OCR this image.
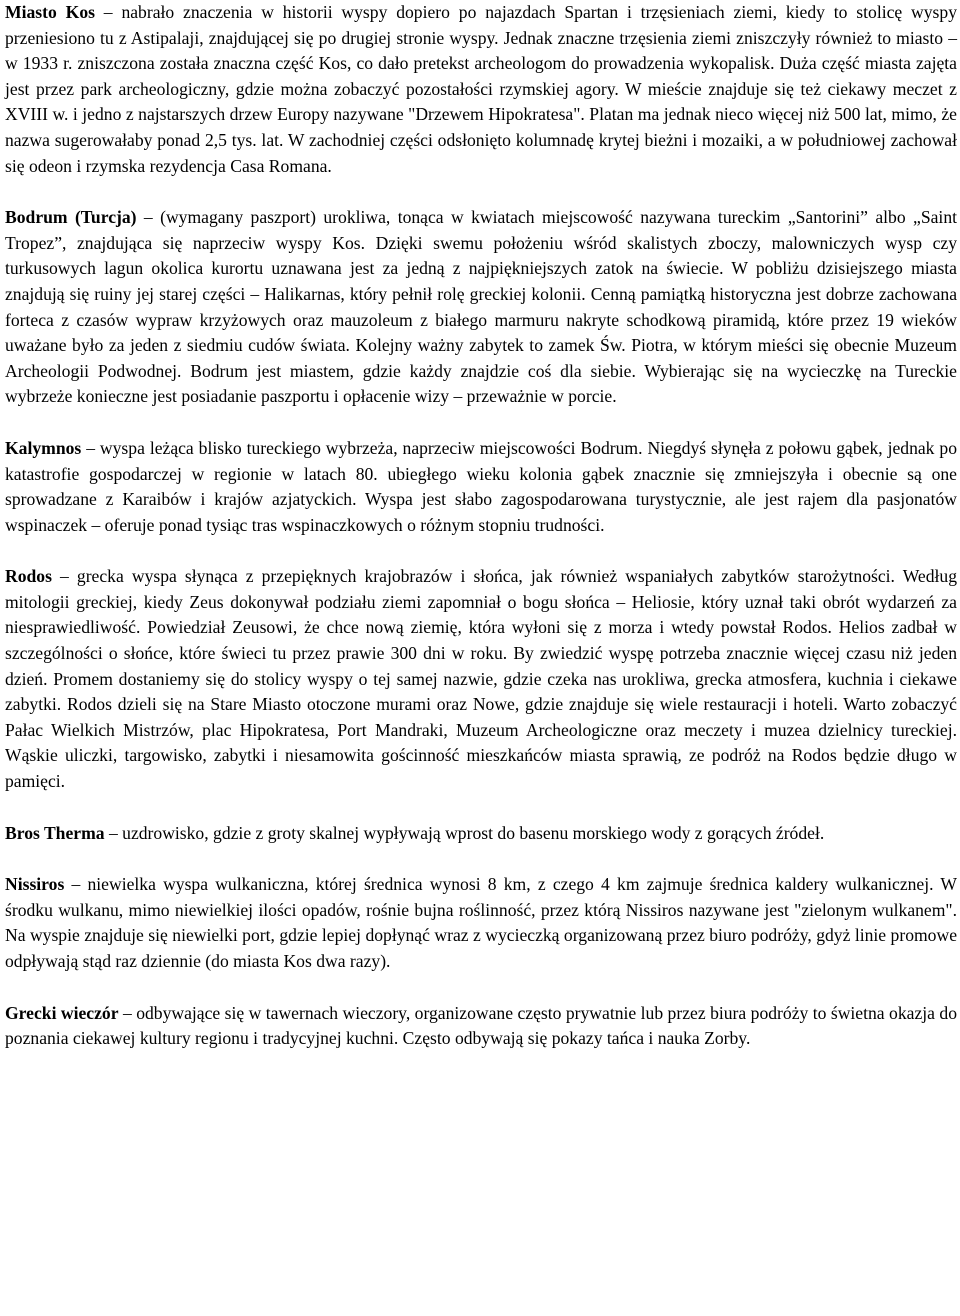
Miasto Kos – nabrało znaczenia w historii wyspy dopiero po najazdach Spartan i trzęsieniach ziemi, kiedy to stolicę wyspy przeniesiono tu z Astipalaji, znajdującej się po drugiej stronie wyspy. Jednak znaczne trzęsienia ziemi zniszczyły również to miasto – w 1933 r. zniszczona została znaczna część Kos, co dało pretekst archeologom do prowadzenia wykopalisk. Duża część miasta zajęta jest przez park archeologiczny, gdzie można zobaczyć pozostałości rzymskiej agory. W mieście znajduje się też ciekawy meczet z XVIII w. i jedno z najstarszych drzew Europy nazywane "Drzewem Hipokratesa". Platan ma jednak nieco więcej niż 500 lat, mimo, że nazwa sugerowałaby ponad 2,5 tys. lat. W zachodniej części odsłonięto kolumnadę krytej bieżni i mozaiki, a w południowej zachował się odeon i rzymska rezydencja Casa Romana.

Bodrum (Turcja) – (wymagany paszport) urokliwa, tonąca w kwiatach miejscowość nazywana tureckim „Santorini” albo „Saint Tropez”, znajdująca się naprzeciw wyspy Kos. Dzięki swemu położeniu wśród skalistych zboczy, malowniczych wysp czy turkusowych lagun okolica kurortu uznawana jest za jedną z najpiękniejszych zatok na świecie. W pobliżu dzisiejszego miasta znajdują się ruiny jej starej części – Halikarnas, który pełnił rolę greckiej kolonii. Cenną pamiątką historyczna jest dobrze zachowana forteca z czasów wypraw krzyżowych oraz mauzoleum z białego marmuru nakryte schodkową piramidą, które przez 19 wieków uważane było za jeden z siedmiu cudów świata. Kolejny ważny zabytek to zamek Św. Piotra, w którym mieści się obecnie Muzeum Archeologii Podwodnej. Bodrum jest miastem, gdzie każdy znajdzie coś dla siebie. Wybierając się na wycieczkę na Tureckie wybrzeże konieczne jest posiadanie paszportu i opłacenie wizy – przeważnie w porcie.

Kalymnos – wyspa leżąca blisko tureckiego wybrzeża, naprzeciw miejscowości Bodrum. Niegdyś słynęła z połowu gąbek, jednak po katastrofie gospodarczej w regionie w latach 80. ubiegłego wieku kolonia gąbek znacznie się zmniejszyła i obecnie są one sprowadzane z Karaibów i krajów azjatyckich. Wyspa jest słabo zagospodarowana turystycznie, ale jest rajem dla pasjonatów wspinaczek – oferuje ponad tysiąc tras wspinaczkowych o różnym stopniu trudności.

Rodos – grecka wyspa słynąca z przepięknych krajobrazów i słońca, jak również wspaniałych zabytków starożytności. Według mitologii greckiej, kiedy Zeus dokonywał podziału ziemi zapomniał o bogu słońca – Heliosie, który uznał taki obrót wydarzeń za niesprawiedliwość. Powiedział Zeusowi, że chce nową ziemię, która wyłoni się z morza i wtedy powstał Rodos. Helios zadbał w szczególności o słońce, które świeci tu przez prawie 300 dni w roku. By zwiedzić wyspę potrzeba znacznie więcej czasu niż jeden dzień. Promem dostaniemy się do stolicy wyspy o tej samej nazwie, gdzie czeka nas urokliwa, grecka atmosfera, kuchnia i ciekawe zabytki. Rodos dzieli się na Stare Miasto otoczone murami oraz Nowe, gdzie znajduje się wiele restauracji i hoteli. Warto zobaczyć Pałac Wielkich Mistrzów, plac Hipokratesa, Port Mandraki, Muzeum Archeologiczne oraz meczety i muzea dzielnicy tureckiej. Wąskie uliczki, targowisko, zabytki i niesamowita gościnność mieszkańców miasta sprawią, ze podróż na Rodos będzie długo w pamięci.

Bros Therma – uzdrowisko, gdzie z groty skalnej wypływają wprost do basenu morskiego wody z gorących źródeł.

Nissiros – niewielka wyspa wulkaniczna, której średnica wynosi 8 km, z czego 4 km zajmuje średnica kaldery wulkanicznej. W środku wulkanu, mimo niewielkiej ilości opadów, rośnie bujna roślinność, przez którą Nissiros nazywane jest "zielonym wulkanem". Na wyspie znajduje się niewielki port, gdzie lepiej dopłynąć wraz z wycieczką organizowaną przez biuro podróży, gdyż linie promowe odpływają stąd raz dziennie (do miasta Kos dwa razy).

Grecki wieczór – odbywające się w tawernach wieczory, organizowane często prywatnie lub przez biura podróży to świetna okazja do poznania ciekawej kultury regionu i tradycyjnej kuchni. Często odbywają się pokazy tańca i nauka Zorby.
